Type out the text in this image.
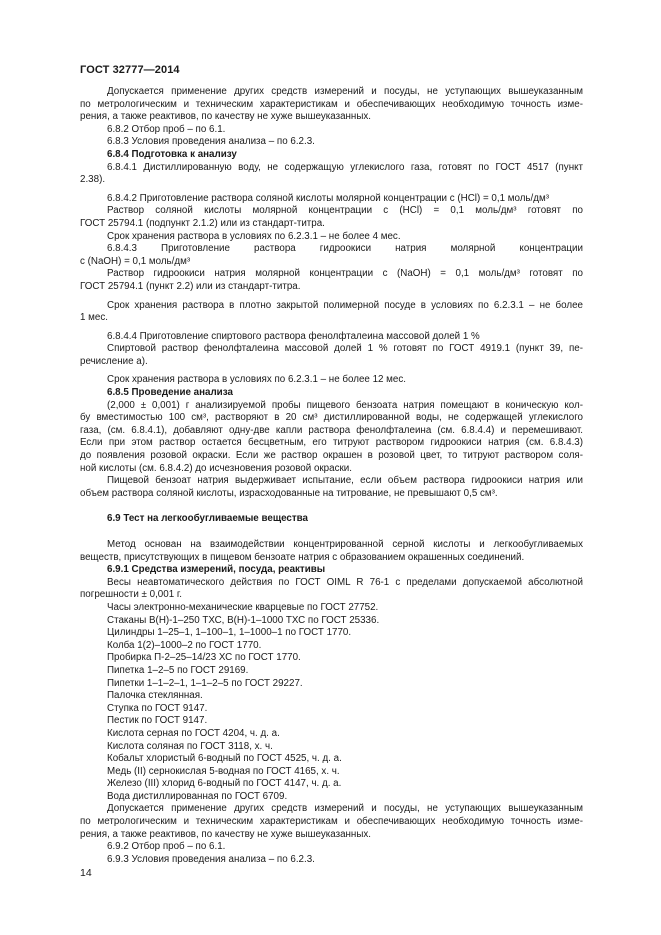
ГОСТ 32777—2014

Допускается применение других средств измерений и посуды, не уступающих вышеуказанным

по метрологическим и техническим характеристикам и обеспечивающих необходимую точность изме-

рения, а также реактивов, по качеству не хуже вышеуказанных.

6.8.2 Отбор проб – по 6.1.

6.8.3 Условия проведения анализа – по 6.2.3.

6.8.4 Подготовка к анализу

6.8.4.1 Дистиллированную воду, не содержащую углекислого газа, готовят по ГОСТ 4517 (пункт

2.38).

6.8.4.2 Приготовление раствора соляной кислоты молярной концентрации c (HCl) = 0,1 моль/дм³

Раствор соляной кислоты молярной концентрации c (HCl) = 0,1 моль/дм³ готовят по

ГОСТ 25794.1 (подпункт 2.1.2) или из стандарт-титра.

Срок хранения раствора в условиях по 6.2.3.1 – не более 4 мес.

6.8.4.3 Приготовление раствора гидроокиси натрия молярной концентрации

c (NaOH) = 0,1 моль/дм³

Раствор гидроокиси натрия молярной концентрации c (NaOH) = 0,1 моль/дм³ готовят по

ГОСТ 25794.1 (пункт 2.2) или из стандарт-титра.

Срок хранения раствора в плотно закрытой полимерной посуде в условиях по 6.2.3.1 – не более

1 мес.

6.8.4.4 Приготовление спиртового раствора фенолфталеина массовой долей 1 %

Спиртовой раствор фенолфталеина массовой долей 1 % готовят по ГОСТ 4919.1 (пункт 39, пе-

речисление а).

Срок хранения раствора в условиях по 6.2.3.1 – не более 12 мес.

6.8.5 Проведение анализа

(2,000 ± 0,001) г анализируемой пробы пищевого бензоата натрия помещают в коническую кол-

бу вместимостью 100 см³, растворяют в 20 см³ дистиллированной воды, не содержащей углекислого

газа, (см. 6.8.4.1), добавляют одну-две капли раствора фенолфталеина (см. 6.8.4.4) и перемешивают.

Если при этом раствор остается бесцветным, его титруют раствором гидроокиси натрия (см. 6.8.4.3)

до появления розовой окраски. Если же раствор окрашен в розовой цвет, то титруют раствором соля-

ной кислоты (см. 6.8.4.2) до исчезновения розовой окраски.

Пищевой бензоат натрия выдерживает испытание, если объем раствора гидроокиси натрия или

объем раствора соляной кислоты, израсходованные на титрование, не превышают 0,5 см³.

6.9 Тест на легкообугливаемые вещества

Метод основан на взаимодействии концентрированной серной кислоты и легкообугливаемых

веществ, присутствующих в пищевом бензоате натрия с образованием окрашенных соединений.

6.9.1 Средства измерений, посуда, реактивы

Весы неавтоматического действия по ГОСТ OIML R 76-1 с пределами допускаемой абсолютной

погрешности ± 0,001 г.

Часы электронно-механические кварцевые по ГОСТ 27752.

Стаканы В(Н)-1–250 ТХС, В(Н)-1–1000 ТХС по ГОСТ 25336.

Цилиндры 1–25–1, 1–100–1, 1–1000–1 по ГОСТ 1770.

Колба 1(2)–1000–2 по ГОСТ 1770.

Пробирка П-2–25–14/23 ХС по ГОСТ 1770.

Пипетка 1–2–5 по ГОСТ 29169.

Пипетки 1–1–2–1, 1–1–2–5 по ГОСТ 29227.

Палочка стеклянная.

Ступка по ГОСТ 9147.

Пестик по ГОСТ 9147.

Кислота серная по ГОСТ 4204, ч. д. а.

Кислота соляная по ГОСТ 3118, х. ч.

Кобальт хлористый 6-водный по ГОСТ 4525, ч. д. а.

Медь (II) сернокислая 5-водная по ГОСТ 4165, х. ч.

Железо (III) хлорид 6-водный по ГОСТ 4147, ч. д. а.

Вода дистиллированная по ГОСТ 6709.

Допускается применение других средств измерений и посуды, не уступающих вышеуказанным

по метрологическим и техническим характеристикам и обеспечивающих необходимую точность изме-

рения, а также реактивов, по качеству не хуже вышеуказанных.

6.9.2 Отбор проб – по 6.1.

6.9.3 Условия проведения анализа – по 6.2.3.

14
